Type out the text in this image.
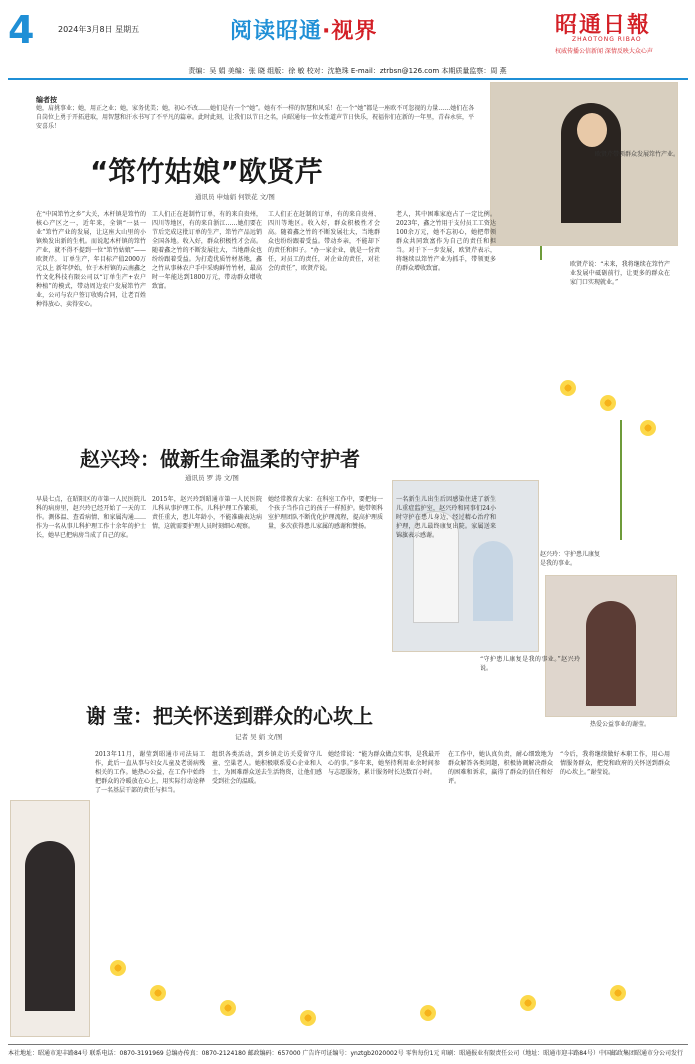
4	2024年3月8日 星期五	阅读昭通·视界	昭通日報
ZHAOTONG RIBAO
权威传播公信新闻 深情反映大众心声
责编：吴 娟 美编：张 晓 组版：徐 敏 校对：沈艳珠 E-mail：ztrbsn@126.com 本期质量监察：周 燕
编者按
她，肩挑事业；她，用正之业；她，家务优美；她，初心不改……她们是有一个“她”。她有不一样的智慧和风采！在一个“她”都是一座欧不可忽视的力量……她们在各自岗位上勇于开拓进取，用智慧和汗水书写了不平凡的篇章。此时此刻，让我们以节日之名，向昭通每一位女性道声节日快乐，祝福你们在新的一年里，青春永驻，平安喜乐！
欧贤芹带领群众发展筇竹产业。
赵兴玲：守护患儿康复是我的事业。
热爱公益事业的谢莹。
“筇竹姑娘”欧贤芹
通讯员 申灿娟 何铁花 文/图
在“中国筇竹之乡”大关，木杆镇是筇竹的核心产区之一，近年来，全镇“一县一业”筇竹产业的发展，让这座大山里的小镇焕发出新的生机。而说起木杆镇的筇竹产业，就不得不提到一位“筇竹姑娘”——欧贤芹。 订单生产，年目标产值2000万元以上 新年伊始，位于木杆镇的云南鑫之竹文化科技有限公司以“订单生产+农户种植”的模式，带动周边农户发展筇竹产业，公司与农户签订收购合同，让老百姓种得放心、卖得安心。
工人们正在赶制竹订单，有的来自贵州，四川等地区，有的来自浙江……她们要在节后完成这批订单的生产，筇竹产品远销全国各地。收入好，群众积极性才会高。随着鑫之竹的不断发展壮大，当地群众也纷纷跟着受益。为打造优质竹材基地，鑫之竹从事林农户手中采购鲜竹竹材，最高时一年能达到1800万元，带动群众增收致富。
工人们正在赶制的订单，有的来自贵州、四川等地区。收入好，群众积极性才会高。随着鑫之竹的不断发展壮大，当地群众也纷纷跟着受益。带动乡亲，不能却下的责任和担子。“办一家企业，就是一份责任，对员工的责任，对企业的责任，对社会的责任”，欧贤芹说。
老人，其中困难家庭占了一定比例。2023年，鑫之竹用于支付员工工资达100余万元，她不忘初心，她把带领群众共同致富作为自己的责任和担当。对于下一步发展，欧贤芹表示，将继续以筇竹产业为抓手，带领更多的群众增收致富。
欧贤芹说：“未来，我将继续在筇竹产业发展中砥砺前行，让更多的群众在家门口实现就业。”
赵兴玲：做新生命温柔的守护者
通讯员 罗 涛 文/图
早晨七点，在昭阳区的市第一人民医院儿科的病房里，赵兴玲已经开始了一天的工作。测体温、查看病情、和家属沟通……作为一名从事儿科护理工作十余年的护士长，她早已把病房当成了自己的家。
2015年，赵兴玲到昭通市第一人民医院儿科从事护理工作。儿科护理工作繁琐，责任重大，患儿年龄小，不能准确表达病情，这就需要护理人员时刻细心观察。
她经常教育大家：在科室工作中，要把每一个孩子当作自己的孩子一样照护。她带领科室护理团队不断优化护理流程，提高护理质量，多次获得患儿家属的感谢和赞扬。
一名新生儿出生后因感染住进了新生儿重症监护室，赵兴玲和同事们24小时守护在患儿身边，经过精心治疗和护理，患儿最终康复出院。家属送来锦旗表示感谢。
“守护患儿康复是我的事业。”赵兴玲说。
谢 莹：把关怀送到群众的心坎上
记者 吴 娟 文/图
2013年11月，谢莹到昭通市司法局工作，此后一直从事与妇女儿童及老弱病残相关的工作。她热心公益，在工作中始终把群众的冷暖放在心上，用实际行动诠释了一名基层干部的责任与担当。
组织各类活动，到乡镇走访关爱留守儿童、空巢老人。她积极联系爱心企业和人士，为困难群众送去生活物资，让他们感受到社会的温暖。
她经常说：“能为群众做点实事，是我最开心的事。”多年来，她坚持利用业余时间参与志愿服务，累计服务时长达数百小时。
在工作中，她认真负责，耐心细致地为群众解答各类问题，积极协调解决群众的困难和诉求，赢得了群众的信任和好评。
“今后，我将继续做好本职工作，用心用情服务群众，把党和政府的关怀送到群众的心坎上。”谢莹说。
本社地址：昭通市迎丰路84号 联系电话：0870-3191969 总编办传真：0870-2124180 邮政编码：657000 广告许可证编号：ynztgb2020002号 零售每份1元 印刷：昭通报业有限责任公司（地址：昭通市迎丰路84号）中国邮政集团昭通市分公司发行
